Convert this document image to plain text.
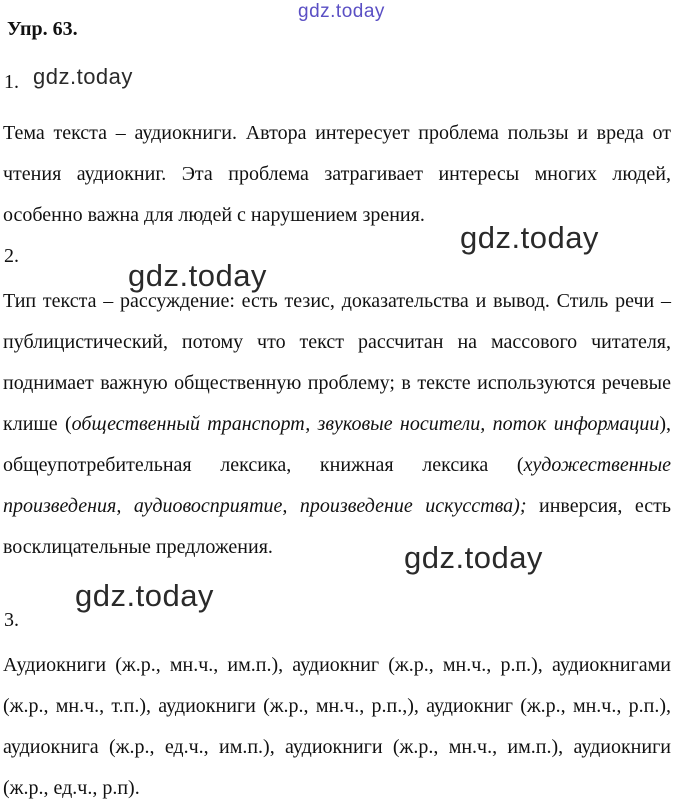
gdz.today
gdz.today
gdz.today
gdz.today
gdz.today
gdz.today
Упр. 63.
1.
Тема текста – аудиокниги. Автора интересует проблема пользы и вреда от чтения аудиокниг. Эта проблема затрагивает интересы многих людей, особенно важна для людей с нарушением зрения.
2.
Тип текста – рассуждение: есть тезис, доказательства и вывод. Стиль речи – публицистический, потому что текст рассчитан на массового читателя, поднимает важную общественную проблему; в тексте используются речевые клише (общественный транспорт, звуковые носители, поток информации), общеупотребительная лексика, книжная лексика (художественные произведения, аудиовосприятие, произведение искусства); инверсия, есть восклицательные предложения.
3.
Аудиокниги (ж.р., мн.ч., им.п.), аудиокниг (ж.р., мн.ч., р.п.), аудиокнигами (ж.р., мн.ч., т.п.), аудиокниги (ж.р., мн.ч., р.п.,), аудиокниг (ж.р., мн.ч., р.п.), аудиокнига (ж.р., ед.ч., им.п.), аудиокниги (ж.р., мн.ч., им.п.), аудиокниги (ж.р., ед.ч., р.п).
